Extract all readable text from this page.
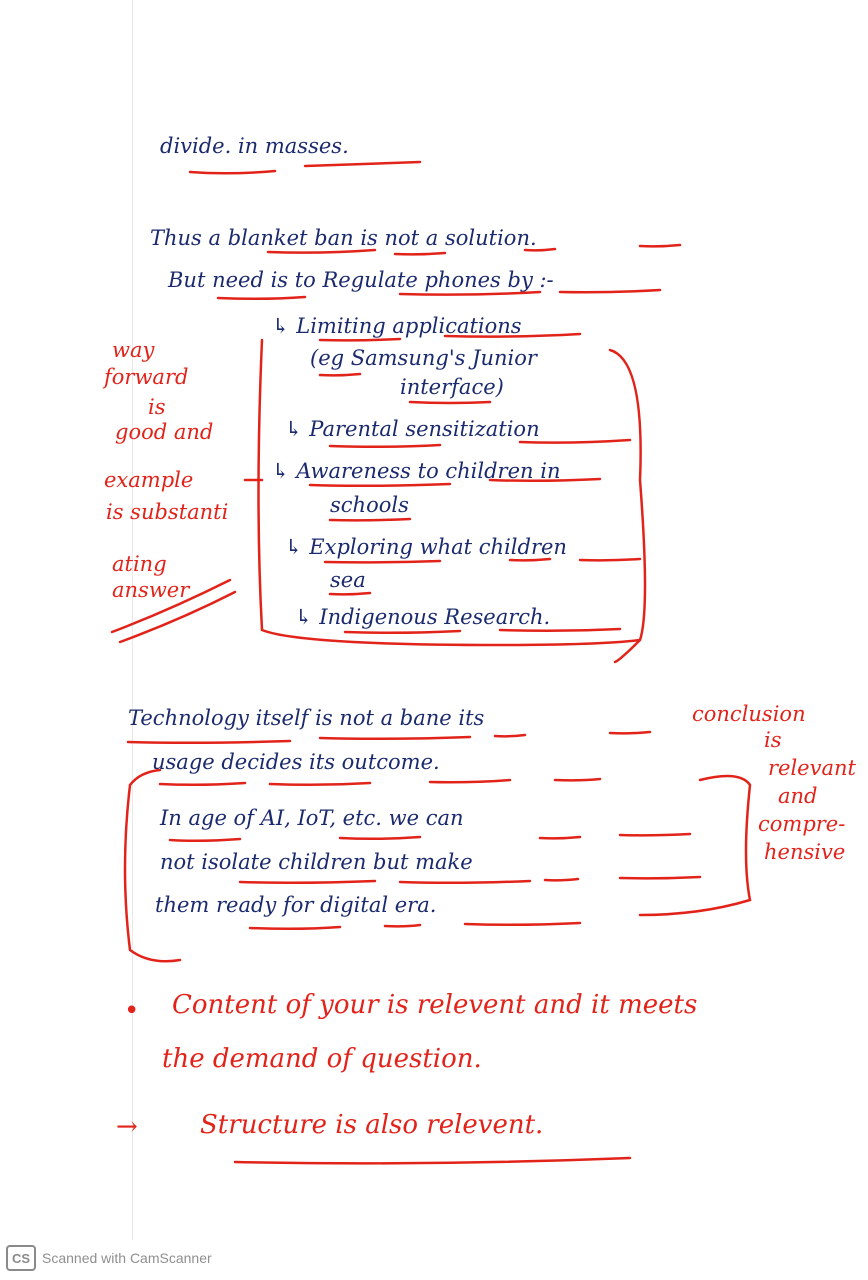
divide. in masses.
Thus a blanket ban is not a solution.
But need is to Regulate phones by :-
↳ Limiting applications
(eg Samsung's Junior
interface)
↳ Parental sensitization
↳ Awareness to children in
schools
↳ Exploring what children
sea
↳ Indigenous Research.
Technology itself is not a bane its
usage decides its outcome.
In age of AI, IoT, etc. we can
not isolate children but make
them ready for digital era.
way
forward
is
good and
example
is substanti
ating
answer
conclusion
is
relevant
and
compre-
hensive
• Content of your is relevent and it meets
the demand of question.
→ Structure is also relevent.
CS Scanned with CamScanner
